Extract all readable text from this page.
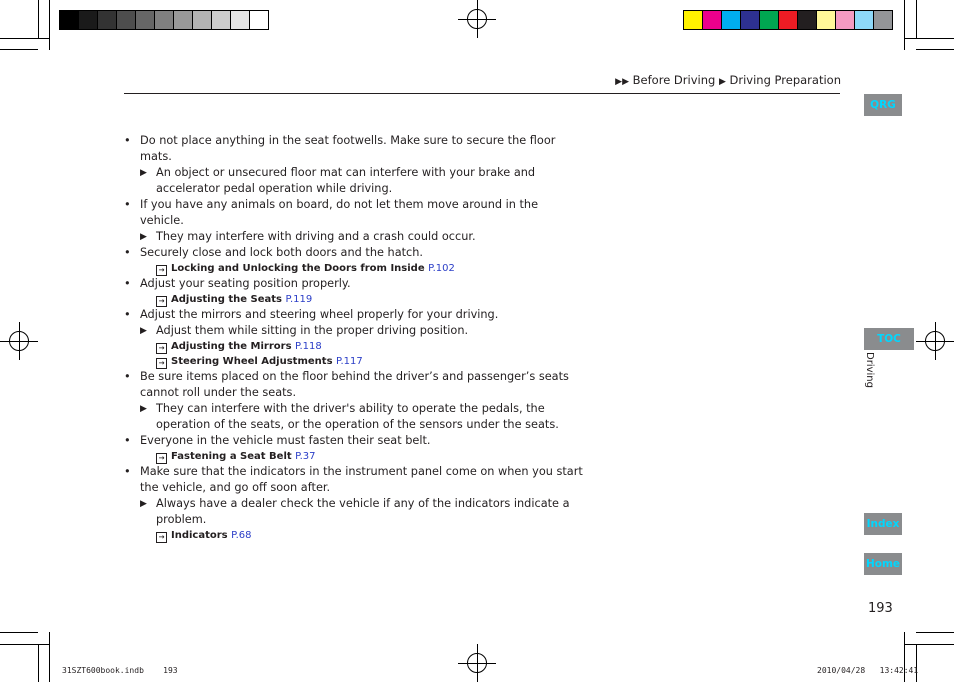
▶▶ Before Driving ▶ Driving Preparation
QRG
TOC
Driving
Index
Home
193
• Do not place anything in the seat footwells. Make sure to secure the floor mats.
▶ An object or unsecured floor mat can interfere with your brake and accelerator pedal operation while driving.
• If you have any animals on board, do not let them move around in the vehicle.
▶ They may interfere with driving and a crash could occur.
• Securely close and lock both doors and the hatch.
→ Locking and Unlocking the Doors from Inside P.102
• Adjust your seating position properly.
→ Adjusting the Seats P.119
• Adjust the mirrors and steering wheel properly for your driving.
▶ Adjust them while sitting in the proper driving position.
→ Adjusting the Mirrors P.118
→ Steering Wheel Adjustments P.117
• Be sure items placed on the floor behind the driver’s and passenger’s seats cannot roll under the seats.
▶ They can interfere with the driver's ability to operate the pedals, the operation of the seats, or the operation of the sensors under the seats.
• Everyone in the vehicle must fasten their seat belt.
→ Fastening a Seat Belt P.37
• Make sure that the indicators in the instrument panel come on when you start the vehicle, and go off soon after.
▶ Always have a dealer check the vehicle if any of the indicators indicate a problem.
→ Indicators P.68
31SZT600book.indb 193	2010/04/28 13:42:41
